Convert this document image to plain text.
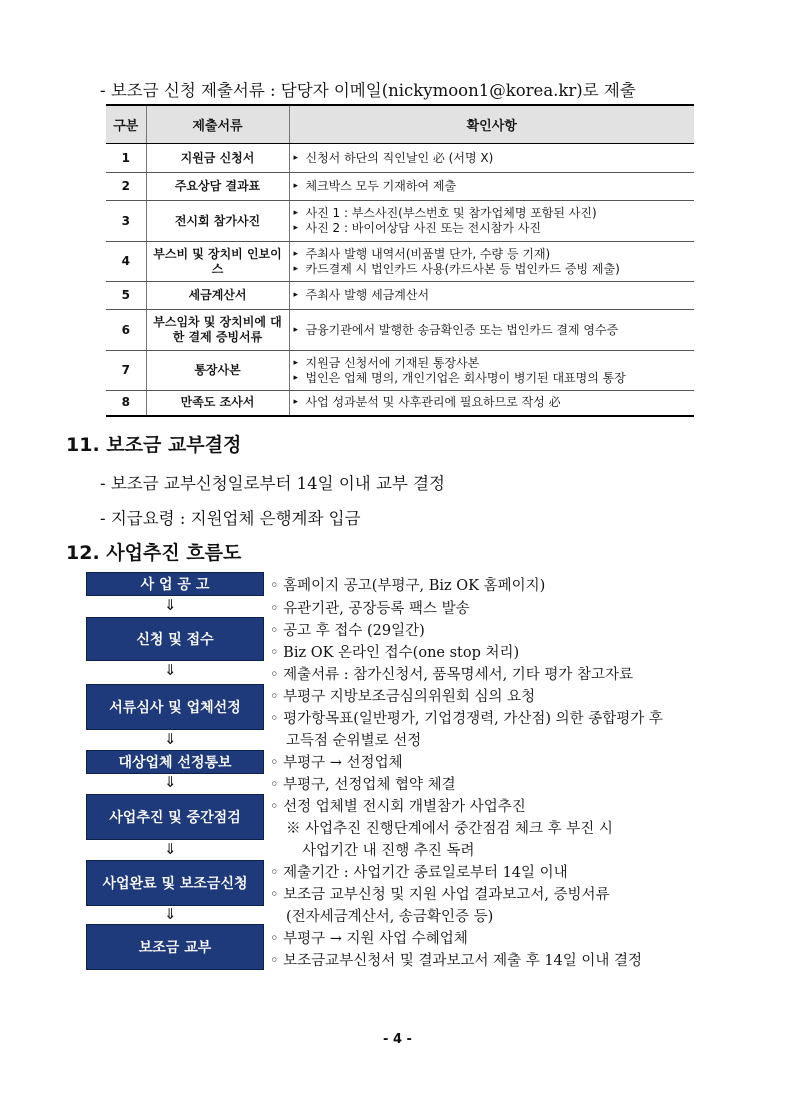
- 보조금 신청 제출서류 : 담당자 이메일(nickymoon1@korea.kr)로 제출
구분	제출서류	확인사항
1	지원금 신청서	▸ 신청서 하단의 직인날인 必 (서명 X)

2	주요상담 결과표	▸ 체크박스 모두 기재하여 제출

3	전시회 참가사진	▸ 사진 1 : 부스사진(부스번호 및 참가업체명 포함된 사진)
▸ 사진 2 : 바이어상담 사진 또는 전시참가 사진

4	부스비 및 장치비 인보이스	▸ 주최사 발행 내역서(비품별 단가, 수량 등 기재)
▸ 카드결제 시 법인카드 사용(카드사본 등 법인카드 증빙 제출)

5	세금계산서	▸ 주최사 발행 세금계산서

6	부스임차 및 장치비에 대한 결제 증빙서류	▸ 금융기관에서 발행한 송금확인증 또는 법인카드 결제 영수증

7	통장사본	▸ 지원금 신청서에 기재된 통장사본
▸ 법인은 업체 명의, 개인기업은 회사명이 병기된 대표명의 통장

8	만족도 조사서	▸ 사업 성과분석 및 사후관리에 필요하므로 작성 必
11. 보조금 교부결정
- 보조금 교부신청일로부터 14일 이내 교부 결정
- 지급요령 : 지원업체 은행계좌 입금
12. 사업추진 흐름도
사 업 공 고
⇓
신청 및 접수
⇓
서류심사 및 업체선정
⇓
대상업체 선정통보
⇓
사업추진 및 중간점검
⇓
사업완료 및 보조금신청
⇓
보조금 교부
◦ 홈페이지 공고(부평구, Biz OK 홈페이지)
◦ 유관기관, 공장등록 팩스 발송
◦ 공고 후 접수 (29일간)
◦ Biz OK 온라인 접수(one stop 처리)
◦ 제출서류 : 참가신청서, 품목명세서, 기타 평가 참고자료
◦ 부평구 지방보조금심의위원회 심의 요청
◦ 평가항목표(일반평가, 기업경쟁력, 가산점) 의한 종합평가 후
고득점 순위별로 선정
◦ 부평구 → 선정업체
◦ 부평구, 선정업체 협약 체결
◦ 선정 업체별 전시회 개별참가 사업추진
※ 사업추진 진행단계에서 중간점검 체크 후 부진 시
사업기간 내 진행 추진 독려
◦ 제출기간 : 사업기간 종료일로부터 14일 이내
◦ 보조금 교부신청 및 지원 사업 결과보고서, 증빙서류
(전자세금계산서, 송금확인증 등)
◦ 부평구 → 지원 사업 수혜업체
◦ 보조금교부신청서 및 결과보고서 제출 후 14일 이내 결정
- 4 -
